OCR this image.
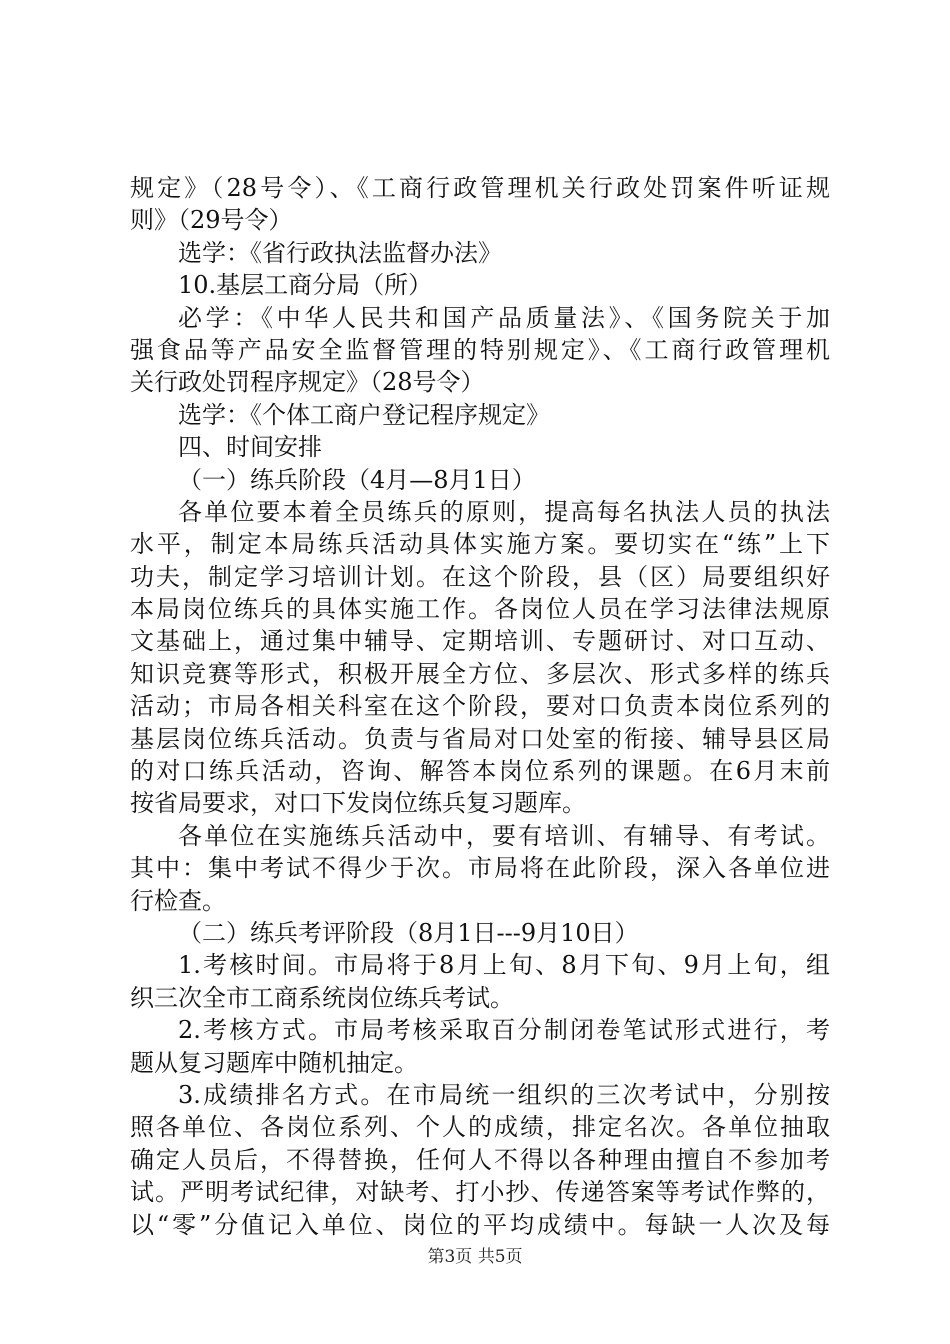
规定》（28号令）、《工商行政管理机关行政处罚案件听证规
则》（29号令）
选学：《省行政执法监督办法》
10.基层工商分局（所）
必学：《中华人民共和国产品质量法》、《国务院关于加
强食品等产品安全监督管理的特别规定》、《工商行政管理机
关行政处罚程序规定》（28号令）
选学：《个体工商户登记程序规定》
四、时间安排
（一）练兵阶段（4月—8月1日）
各单位要本着全员练兵的原则，提高每名执法人员的执法
水平，制定本局练兵活动具体实施方案。要切实在“练”上下
功夫，制定学习培训计划。在这个阶段，县（区）局要组织好
本局岗位练兵的具体实施工作。各岗位人员在学习法律法规原
文基础上，通过集中辅导、定期培训、专题研讨、对口互动、
知识竞赛等形式，积极开展全方位、多层次、形式多样的练兵
活动；市局各相关科室在这个阶段，要对口负责本岗位系列的
基层岗位练兵活动。负责与省局对口处室的衔接、辅导县区局
的对口练兵活动，咨询、解答本岗位系列的课题。在6月末前
按省局要求，对口下发岗位练兵复习题库。
各单位在实施练兵活动中，要有培训、有辅导、有考试。
其中：集中考试不得少于次。市局将在此阶段，深入各单位进
行检查。
（二）练兵考评阶段（8月1日---9月10日）
1.考核时间。市局将于8月上旬、8月下旬、9月上旬，组
织三次全市工商系统岗位练兵考试。
2.考核方式。市局考核采取百分制闭卷笔试形式进行，考
题从复习题库中随机抽定。
3.成绩排名方式。在市局统一组织的三次考试中，分别按
照各单位、各岗位系列、个人的成绩，排定名次。各单位抽取
确定人员后，不得替换，任何人不得以各种理由擅自不参加考
试。严明考试纪律，对缺考、打小抄、传递答案等考试作弊的，
以“零”分值记入单位、岗位的平均成绩中。每缺一人次及每
第3页 共5页
